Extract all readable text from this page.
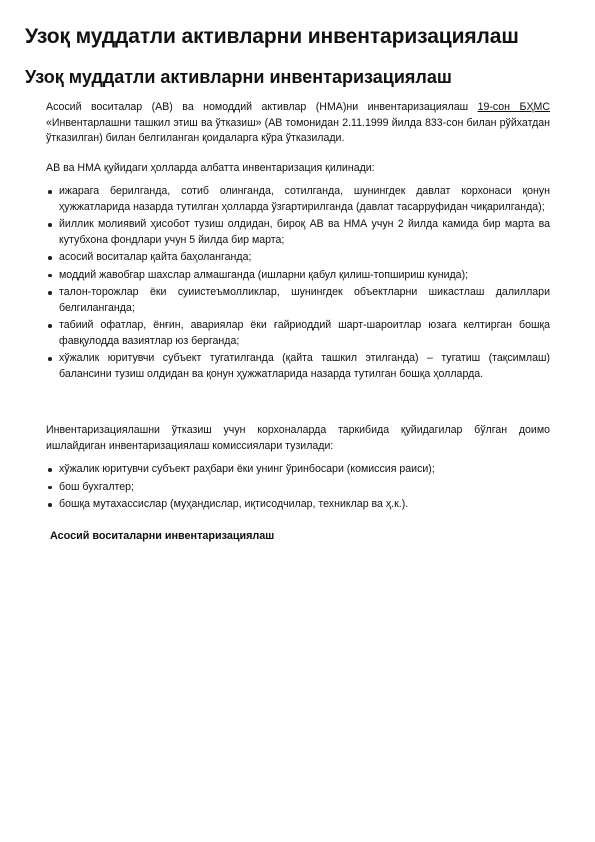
Узоқ муддатли активларни инвентаризациялаш
Узоқ муддатли активларни инвентаризациялаш

Асосий воситалар (АВ) ва номоддий активлар (НМА)ни инвентаризациялаш 19-сон БҲМС «Инвентарлашни ташкил этиш ва ўтказиш» (АВ томонидан 2.11.1999 йилда 833-сон билан рўйхатдан ўтказилган) билан белгиланган қоидаларга кўра ўтказилади.

АВ ва НМА қуйидаги ҳолларда албатта инвентаризация қилинади:

ижарага берилганда, сотиб олинганда, сотилганда, шунингдек давлат корхонаси қонун ҳужжатларида назарда тутилган ҳолларда ўзгартирилганда (давлат тасарруфидан чиқарилганда);
йиллик молиявий ҳисобот тузиш олдидан, бироқ АВ ва НМА учун 2 йилда камида бир марта ва кутубхона фондлари учун 5 йилда бир марта;
асосий воситалар қайта баҳоланганда;
моддий жавобгар шахслар алмашганда (ишларни қабул қилиш-топшириш кунида);
талон-торожлар ёки суиистеъмолликлар, шунингдек объектларни шикастлаш далиллари белгиланганда;
табиий офатлар, ёнғин, авариялар ёки ғайриоддий шарт-шароитлар юзага келтирган бошқа фавқулодда вазиятлар юз берганда;
хўжалик юритувчи субъект тугатилганда (қайта ташкил этилганда) – тугатиш (тақсимлаш) балансини тузиш олдидан ва қонун ҳужжатларида назарда тутилган бошқа ҳолларда.

Инвентаризациялашни ўтказиш учун корхоналарда таркибида қуйидагилар бўлган доимо ишлайдиган инвентаризациялаш комиссиялари тузилади:

хўжалик юритувчи субъект раҳбари ёки унинг ўринбосари (комиссия раиси);
бош бухгалтер;
бошқа мутахассислар (муҳандислар, иқтисодчилар, техниклар ва ҳ.к.).

Асосий воситаларни инвентаризациялаш
